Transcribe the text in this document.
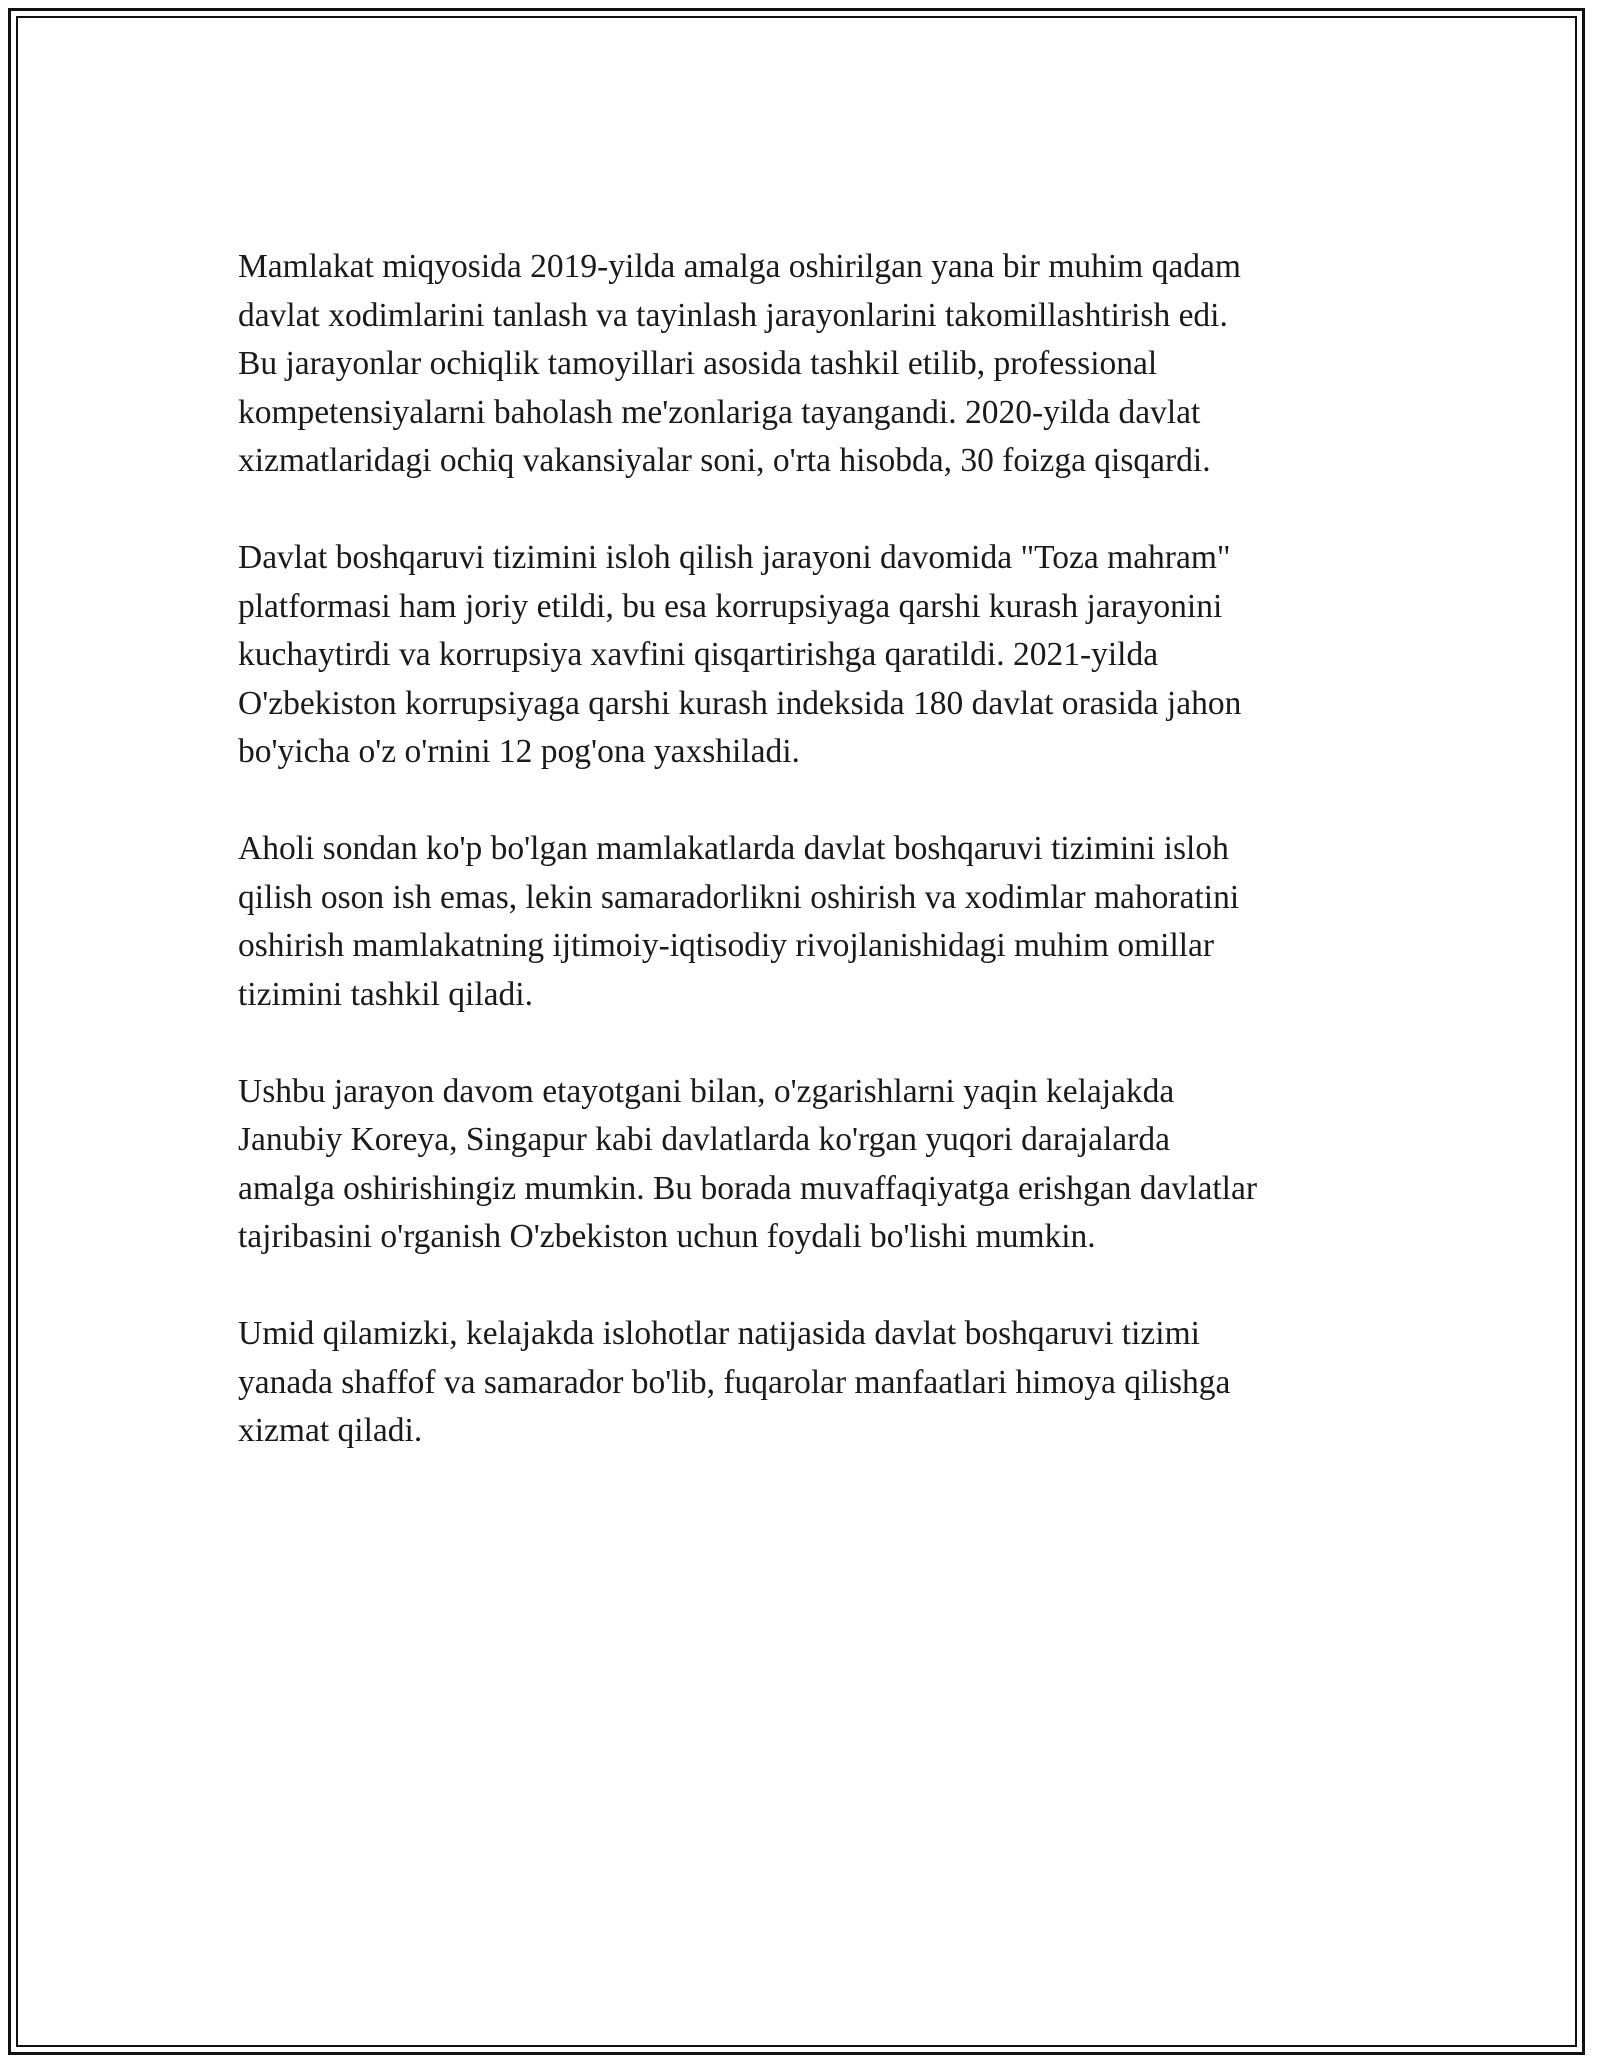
Mamlakat miqyosida 2019-yilda amalga oshirilgan yana bir muhim qadam
davlat xodimlarini tanlash va tayinlash jarayonlarini takomillashtirish edi.
Bu jarayonlar ochiqlik tamoyillari asosida tashkil etilib, professional
kompetensiyalarni baholash me'zonlariga tayangandi. 2020-yilda davlat
xizmatlaridagi ochiq vakansiyalar soni, o'rta hisobda, 30 foizga qisqardi.

Davlat boshqaruvi tizimini isloh qilish jarayoni davomida "Toza mahram"
platformasi ham joriy etildi, bu esa korrupsiyaga qarshi kurash jarayonini
kuchaytirdi va korrupsiya xavfini qisqartirishga qaratildi. 2021-yilda
O'zbekiston korrupsiyaga qarshi kurash indeksida 180 davlat orasida jahon
bo'yicha o'z o'rnini 12 pog'ona yaxshiladi.

Aholi sondan ko'p bo'lgan mamlakatlarda davlat boshqaruvi tizimini isloh
qilish oson ish emas, lekin samaradorlikni oshirish va xodimlar mahoratini
oshirish mamlakatning ijtimoiy-iqtisodiy rivojlanishidagi muhim omillar
tizimini tashkil qiladi.

Ushbu jarayon davom etayotgani bilan, o'zgarishlarni yaqin kelajakda
Janubiy Koreya, Singapur kabi davlatlarda ko'rgan yuqori darajalarda
amalga oshirishingiz mumkin. Bu borada muvaffaqiyatga erishgan davlatlar
tajribasini o'rganish O'zbekiston uchun foydali bo'lishi mumkin.

Umid qilamizki, kelajakda islohotlar natijasida davlat boshqaruvi tizimi
yanada shaffof va samarador bo'lib, fuqarolar manfaatlari himoya qilishga
xizmat qiladi.
